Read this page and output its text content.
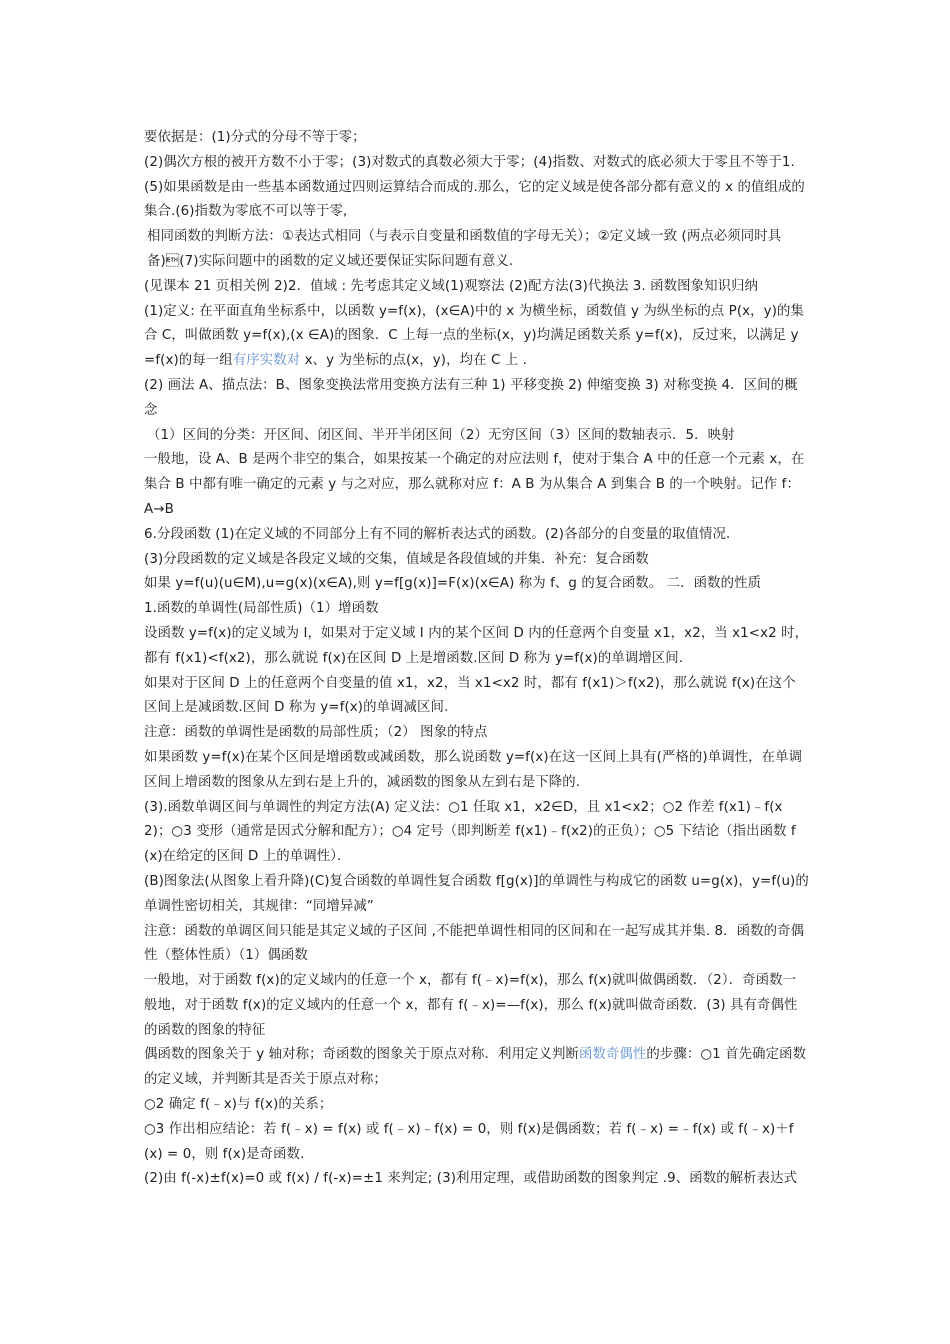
要依据是：(1)分式的分母不等于零；

(2)偶次方根的被开方数不小于零；(3)对数式的真数必须大于零；(4)指数、对数式的底必须大于零且不等于1.

(5)如果函数是由一些基本函数通过四则运算结合而成的.那么，它的定义域是使各部分都有意义的 x 的值组成的集合.(6)指数为零底不可以等于零,

相同函数的判断方法：①表达式相同（与表示自变量和函数值的字母无关）；②定义域一致 (两点必须同时具备)(7)实际问题中的函数的定义域还要保证实际问题有意义.

(见课本 21 页相关例 2)2．值域 : 先考虑其定义域(1)观察法 (2)配方法(3)代换法 3. 函数图象知识归纳

(1)定义: 在平面直角坐标系中，以函数 y=f(x)，(x∈A)中的 x 为横坐标，函数值 y 为纵坐标的点 P(x，y)的集合 C，叫做函数 y=f(x),(x ∈A)的图象．C 上每一点的坐标(x，y)均满足函数关系 y=f(x)，反过来，以满足 y=f(x)的每一组有序实数对 x、y 为坐标的点(x，y)，均在 C 上 .

(2) 画法 A、描点法：B、图象变换法常用变换方法有三种 1) 平移变换 2) 伸缩变换 3) 对称变换 4．区间的概念

（1）区间的分类：开区间、闭区间、半开半闭区间（2）无穷区间（3）区间的数轴表示．5．映射

一般地，设 A、B 是两个非空的集合，如果按某一个确定的对应法则 f，使对于集合 A 中的任意一个元素 x，在集合 B 中都有唯一确定的元素 y 与之对应，那么就称对应 f：A B 为从集合 A 到集合 B 的一个映射。记作 f：A→B

6.分段函数 (1)在定义域的不同部分上有不同的解析表达式的函数。(2)各部分的自变量的取值情况．

(3)分段函数的定义域是各段定义域的交集，值域是各段值域的并集．补充：复合函数

如果 y=f(u)(u∈M),u=g(x)(x∈A),则 y=f[g(x)]=F(x)(x∈A) 称为 f、g 的复合函数。 二．函数的性质

1.函数的单调性(局部性质)（1）增函数

设函数 y=f(x)的定义域为 I，如果对于定义域 I 内的某个区间 D 内的任意两个自变量 x1，x2，当 x1<x2 时，都有 f(x1)<f(x2)，那么就说 f(x)在区间 D 上是增函数.区间 D 称为 y=f(x)的单调增区间.

如果对于区间 D 上的任意两个自变量的值 x1，x2，当 x1<x2 时，都有 f(x1)＞f(x2)，那么就说 f(x)在这个区间上是减函数.区间 D 称为 y=f(x)的单调减区间.

注意：函数的单调性是函数的局部性质；（2） 图象的特点

如果函数 y=f(x)在某个区间是增函数或减函数，那么说函数 y=f(x)在这一区间上具有(严格的)单调性，在单调区间上增函数的图象从左到右是上升的，减函数的图象从左到右是下降的.

(3).函数单调区间与单调性的判定方法(A) 定义法：○1 任取 x1，x2∈D，且 x1<x2；○2 作差 f(x1)﹣f(x2)；○3 变形（通常是因式分解和配方）；○4 定号（即判断差 f(x1)﹣f(x2)的正负）；○5 下结论（指出函数 f(x)在给定的区间 D 上的单调性）．

(B)图象法(从图象上看升降)(C)复合函数的单调性复合函数 f[g(x)]的单调性与构成它的函数 u=g(x)，y=f(u)的单调性密切相关，其规律：“同增异减”

注意：函数的单调区间只能是其定义域的子区间 ,不能把单调性相同的区间和在一起写成其并集. 8．函数的奇偶性（整体性质）（1）偶函数

一般地，对于函数 f(x)的定义域内的任意一个 x，都有 f(﹣x)=f(x)，那么 f(x)就叫做偶函数．（2）．奇函数一般地，对于函数 f(x)的定义域内的任意一个 x，都有 f(﹣x)=—f(x)，那么 f(x)就叫做奇函数．(3) 具有奇偶性的函数的图象的特征

偶函数的图象关于 y 轴对称；奇函数的图象关于原点对称．利用定义判断函数奇偶性的步骤：○1 首先确定函数的定义域，并判断其是否关于原点对称；

○2 确定 f(﹣x)与 f(x)的关系；

○3 作出相应结论：若 f(﹣x) = f(x) 或 f(﹣x)﹣f(x) = 0，则 f(x)是偶函数；若 f(﹣x) =﹣f(x) 或 f(﹣x)＋f(x) = 0，则 f(x)是奇函数．

(2)由 f(-x)±f(x)=0 或 f(x) / f(-x)=±1 来判定; (3)利用定理，或借助函数的图象判定 .9、函数的解析表达式
